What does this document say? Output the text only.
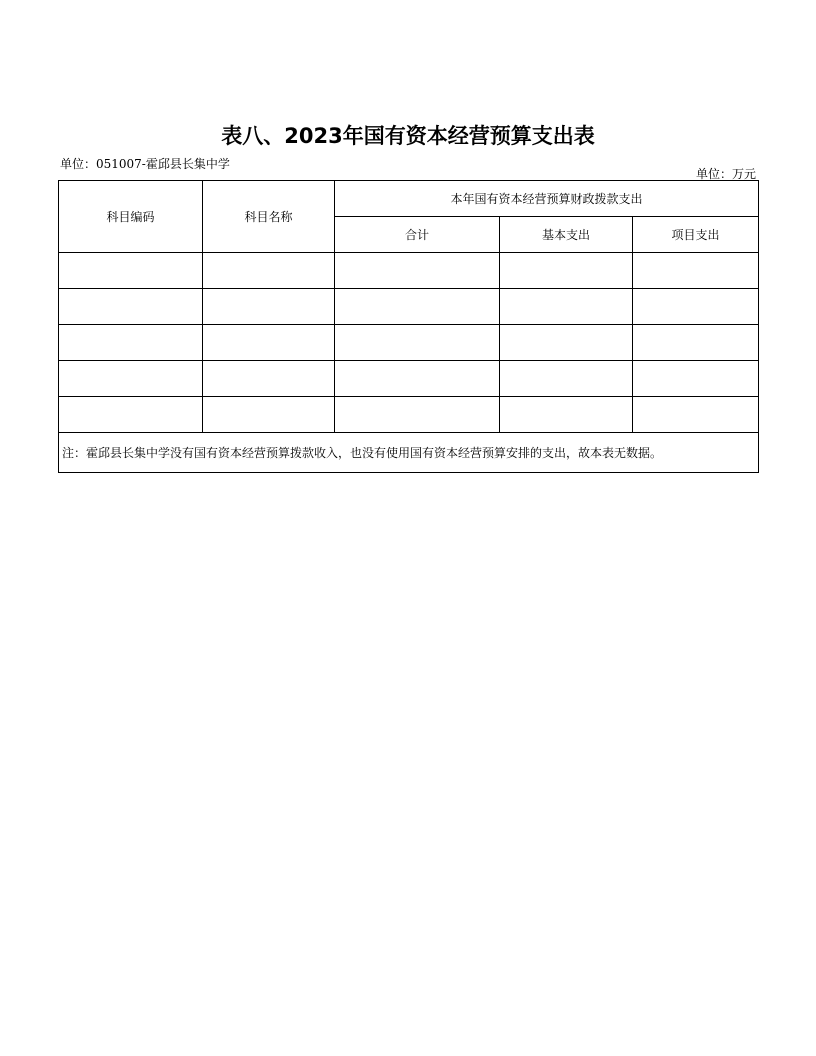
表八、2023年国有资本经营预算支出表
单位：051007-霍邱县长集中学
单位：万元
科目编码	科目名称	本年国有资本经营预算财政拨款支出		
		合计	基本支出	项目支出

注：霍邱县长集中学没有国有资本经营预算拨款收入，也没有使用国有资本经营预算安排的支出，故本表无数据。				
